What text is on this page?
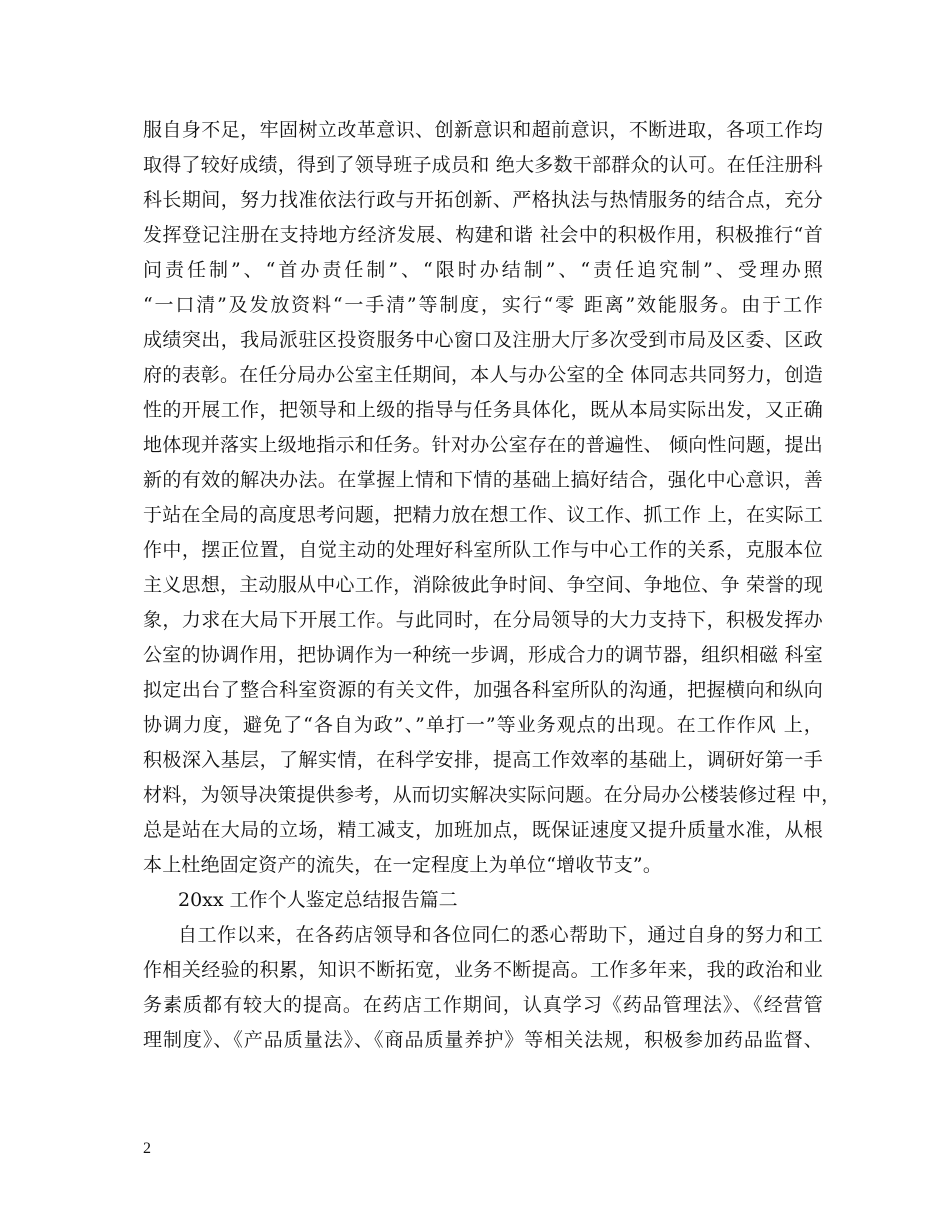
服自身不足，牢固树立改革意识、创新意识和超前意识，不断进取，各项工作均
取得了较好成绩，得到了领导班子成员和 绝大多数干部群众的认可。在任注册科
科长期间，努力找准依法行政与开拓创新、严格执法与热情服务的结合点，充分
发挥登记注册在支持地方经济发展、构建和谐 社会中的积极作用，积极推行“首
问责任制”、“首办责任制”、“限时办结制”、“责任追究制”、受理办照
“一口清”及发放资料“一手清”等制度，实行“零 距离”效能服务。由于工作
成绩突出，我局派驻区投资服务中心窗口及注册大厅多次受到市局及区委、区政
府的表彰。在任分局办公室主任期间，本人与办公室的全 体同志共同努力，创造
性的开展工作，把领导和上级的指导与任务具体化，既从本局实际出发，又正确
地体现并落实上级地指示和任务。针对办公室存在的普遍性、 倾向性问题，提出
新的有效的解决办法。在掌握上情和下情的基础上搞好结合，强化中心意识，善
于站在全局的高度思考问题，把精力放在想工作、议工作、抓工作 上，在实际工
作中，摆正位置，自觉主动的处理好科室所队工作与中心工作的关系，克服本位
主义思想，主动服从中心工作，消除彼此争时间、争空间、争地位、争 荣誉的现
象，力求在大局下开展工作。与此同时，在分局领导的大力支持下，积极发挥办
公室的协调作用，把协调作为一种统一步调，形成合力的调节器，组织相磁 科室
拟定出台了整合科室资源的有关文件，加强各科室所队的沟通，把握横向和纵向
协调力度，避免了“各自为政”、”单打一”等业务观点的出现。在工作作风 上，
积极深入基层，了解实情，在科学安排，提高工作效率的基础上，调研好第一手
材料，为领导决策提供参考，从而切实解决实际问题。在分局办公楼装修过程 中，
总是站在大局的立场，精工减支，加班加点，既保证速度又提升质量水准，从根
本上杜绝固定资产的流失，在一定程度上为单位“增收节支”。
20xx 工作个人鉴定总结报告篇二
自工作以来，在各药店领导和各位同仁的悉心帮助下，通过自身的努力和工
作相关经验的积累，知识不断拓宽，业务不断提高。工作多年来，我的政治和业
务素质都有较大的提高。在药店工作期间，认真学习《药品管理法》、《经营管
理制度》、《产品质量法》、《商品质量养护》等相关法规，积极参加药品监督、
2
